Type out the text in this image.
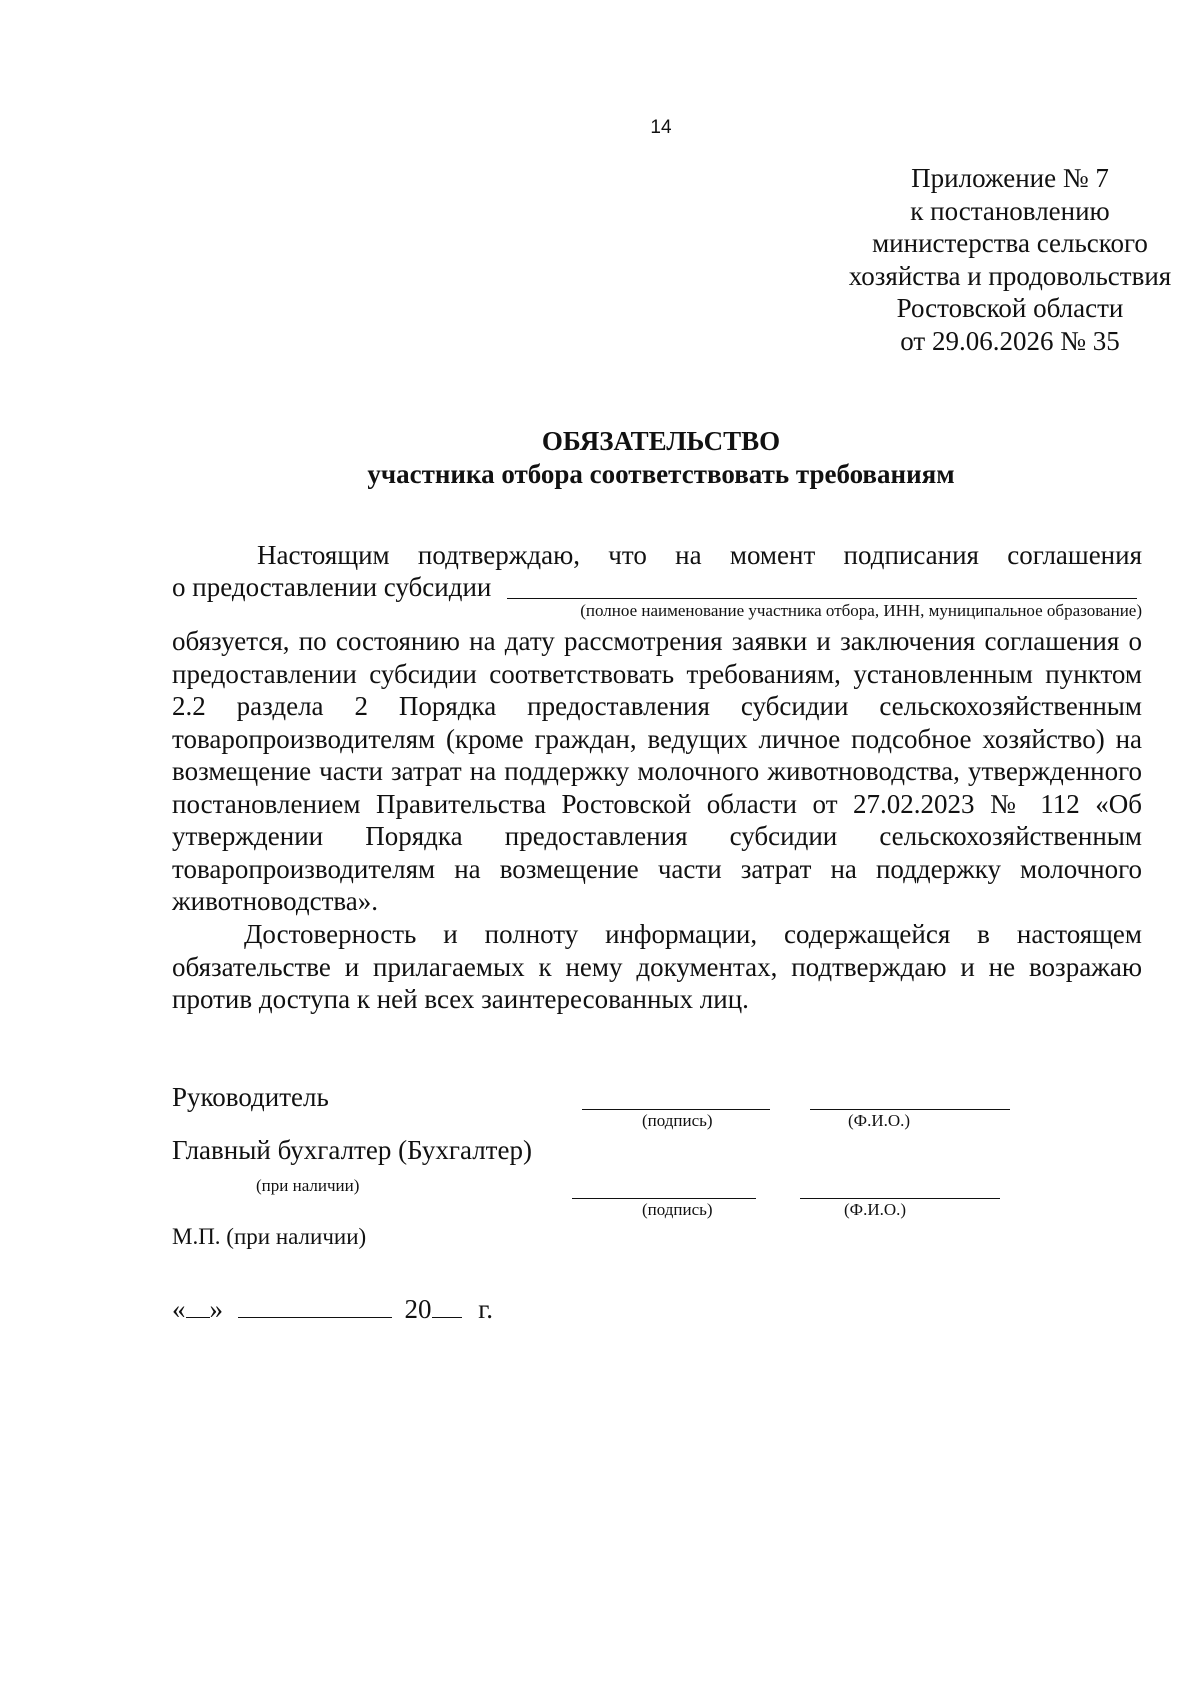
14
Приложение № 7
к постановлению
министерства сельского
хозяйства и продовольствия
Ростовской области
от 29.06.2026 № 35
ОБЯЗАТЕЛЬСТВО
участника отбора соответствовать требованиям
Настоящим подтверждаю, что на момент подписания соглашения
о предоставлении субсидии
(полное наименование участника отбора, ИНН, муниципальное образование)

обязуется, по состоянию на дату рассмотрения заявки и заключения соглашения о предоставлении субсидии соответствовать требованиям, установленным пунктом 2.2 раздела 2 Порядка предоставления субсидии сельскохозяйственным товаропроизводителям (кроме граждан, ведущих личное подсобное хозяйство) на возмещение части затрат на поддержку молочного животноводства, утвержденного постановлением Правительства Ростовской области от 27.02.2023 № 112 «Об утверждении Порядка предоставления субсидии сельскохозяйственным товаропроизводителям на возмещение части затрат на поддержку молочного животноводства».

Достоверность и полноту информации, содержащейся в настоящем обязательстве и прилагаемых к нему документах, подтверждаю и не возражаю против доступа к ней всех заинтересованных лиц.

Руководитель
(подпись)	(Ф.И.О.)
Главный бухгалтер (Бухгалтер)
(при наличии)
(подпись)	(Ф.И.О.)
М.П. (при наличии)
« »	20 г.
